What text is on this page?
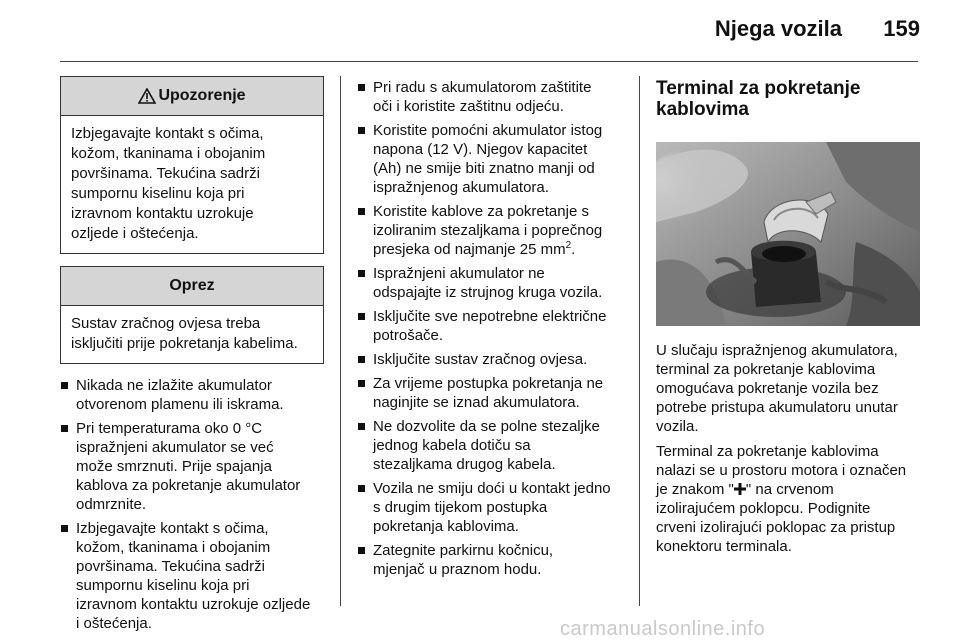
Njega vozila 159
Upozorenje
Izbjegavajte kontakt s očima,
kožom, tkaninama i obojanim
površinama. Tekućina sadrži
sumpornu kiselinu koja pri
izravnom kontaktu uzrokuje
ozljede i oštećenja.
Oprez
Sustav zračnog ovjesa treba
isključiti prije pokretanja kabelima.
Nikada ne izlažite akumulator
otvorenom plamenu ili iskrama.
Pri temperaturama oko 0 °C
ispražnjeni akumulator se već
može smrznuti. Prije spajanja
kablova za pokretanje akumulator
odmrznite.
Izbjegavajte kontakt s očima,
kožom, tkaninama i obojanim
površinama. Tekućina sadrži
sumpornu kiselinu koja pri
izravnom kontaktu uzrokuje ozljede
i oštećenja.
Pri radu s akumulatorom zaštitite
oči i koristite zaštitnu odjeću.
Koristite pomoćni akumulator istog
napona (12 V). Njegov kapacitet
(Ah) ne smije biti znatno manji od
ispražnjenog akumulatora.
Koristite kablove za pokretanje s
izoliranim stezaljkama i poprečnog
presjeka od najmanje 25 $mm^2$.
Ispražnjeni akumulator ne
odspajajte iz strujnog kruga vozila.
Isključite sve nepotrebne električne
potrošače.
Isključite sustav zračnog ovjesa.
Za vrijeme postupka pokretanja ne
naginjite se iznad akumulatora.
Ne dozvolite da se polne stezaljke
jednog kabela dotiču sa
stezaljkama drugog kabela.
Vozila ne smiju doći u kontakt jedno
s drugim tijekom postupka
pokretanja kablovima.
Zategnite parkirnu kočnicu,
mjenjač u praznom hodu.
Terminal za pokretanje
kablovima

U slučaju ispražnjenog akumulatora,
terminal za pokretanje kablovima
omogućava pokretanje vozila bez
potrebe pristupa akumulatoru unutar
vozila.

Terminal za pokretanje kablovima
nalazi se u prostoru motora i označen
je znakom " " na crvenom
izolirajućem poklopcu. Podignite
crveni izolirajući poklopac za pristup
konektoru terminala.

carmanualsonline.info
